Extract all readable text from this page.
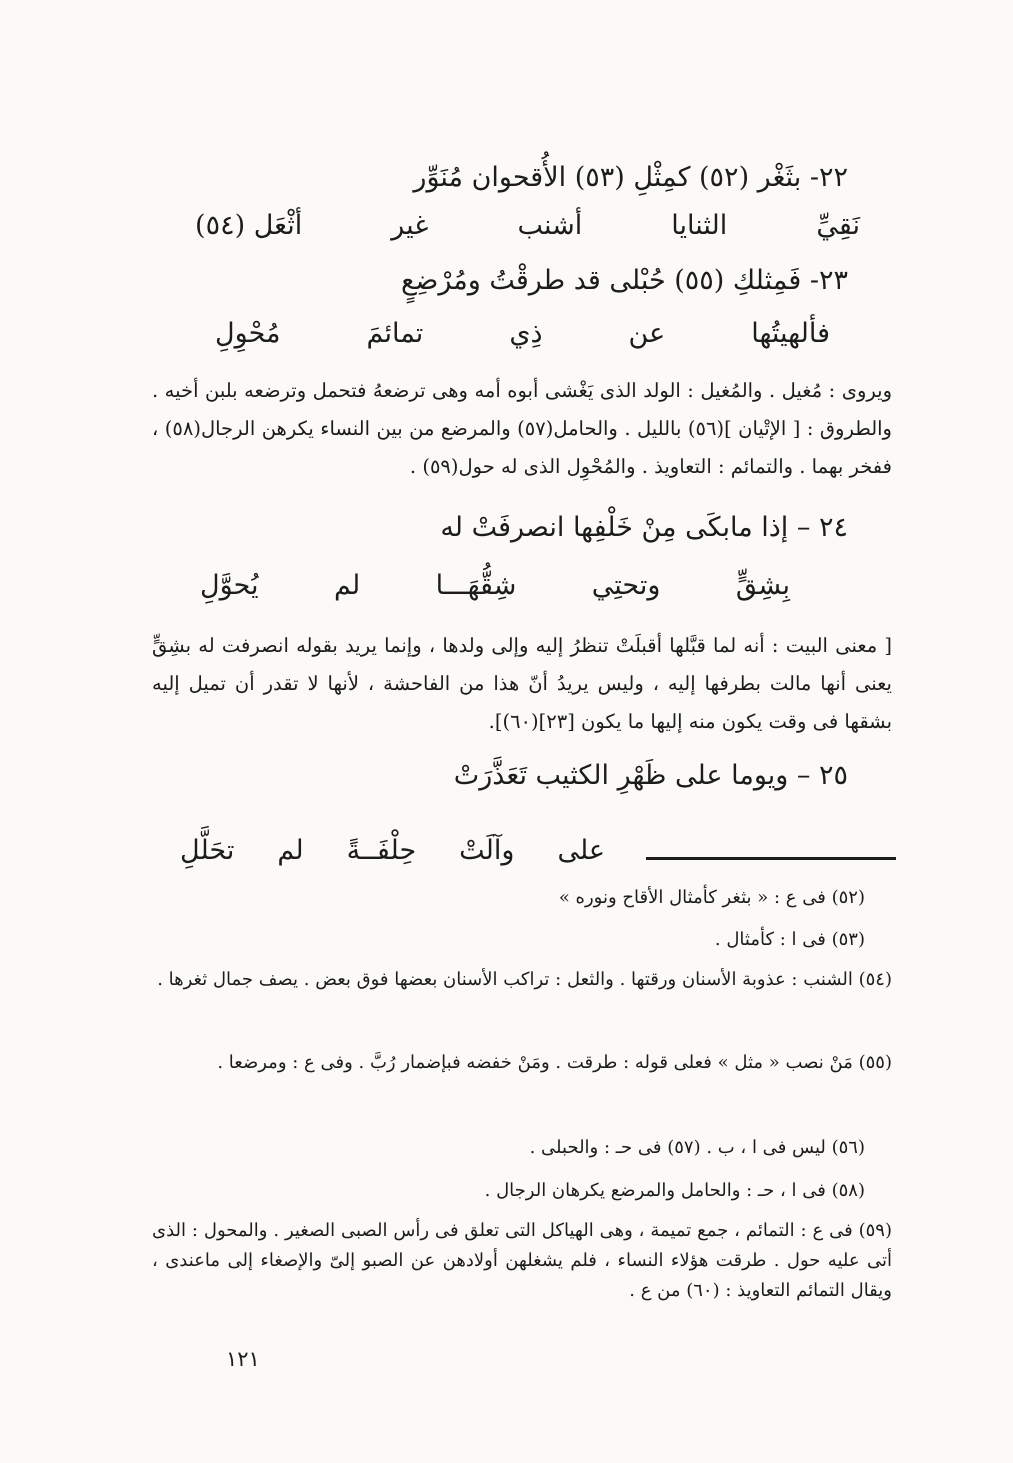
٢٢- بثَغْر (٥٢) كمِثْلِ (٥٣) الأُقحوان مُنَوِّر
نَقِيِّ
الثنايا
أشنب
غير
أثْعَل (٥٤)
٢٣- فَمِثلكِ (٥٥) حُبْلى قد طرقْتُ ومُرْضِعٍ
فألهيتُها
عن
ذِي
تمائمَ
مُحْوِلِ
ويروى : مُغيل . والمُغيل : الولد الذى يَغْشى أبوه أمه وهى ترضعهُ فتحمل وترضعه بلبن أخيه . والطروق : [ الإتْيان ](٥٦) بالليل . والحامل(٥٧) والمرضع من بين النساء يكرهن الرجال(٥٨) ، ففخر بهما . والتمائم : التعاويذ . والمُحْوِل الذى له حول(٥٩) .
٢٤ – إذا مابكَى مِنْ خَلْفِها انصرفَتْ له
بِشِقٍّ
وتحتِي
شِقُّهَـــا
لم
يُحوَّلِ
[ معنى البيت : أنه لما قبَّلها أقبلَتْ تنظرُ إليه وإلى ولدها ، وإنما يريد بقوله انصرفت له بشِقٍّ يعنى أنها مالت بطرفها إليه ، وليس يريدُ أنّ هذا من الفاحشة ، لأنها لا تقدر أن تميل إليه بشقها فى وقت يكون منه إليها ما يكون [٢٣](٦٠)].
٢٥ – ويوما على ظَهْرِ الكثيب تَعَذَّرَتْ
على
وآلَتْ
حِلْفَــةً
لم
تحَلَّلِ
(٥٢) فى ع : « بثغر كأمثال الأقاح ونوره »
(٥٣) فى ا : كأمثال .
(٥٤) الشنب : عذوبة الأسنان ورقتها . والثعل : تراكب الأسنان بعضها فوق بعض . يصف جمال ثغرها .
(٥٥) مَنْ نصب « مثل » فعلى قوله : طرقت . ومَنْ خفضه فبإضمار رُبَّ . وفى ع : ومرضعا .
(٥٦) ليس فى ا ، ب . (٥٧) فى حـ : والحبلى .
(٥٨) فى ا ، حـ : والحامل والمرضع يكرهان الرجال .
(٥٩) فى ع : التمائم ، جمع تميمة ، وهى الهياكل التى تعلق فى رأس الصبى الصغير . والمحول : الذى أتى عليه حول . طرقت هؤلاء النساء ، فلم يشغلهن أولادهن عن الصبو إلىّ والإصغاء إلى ماعندى ، ويقال التمائم التعاويذ : (٦٠) من ع .
١٢١
